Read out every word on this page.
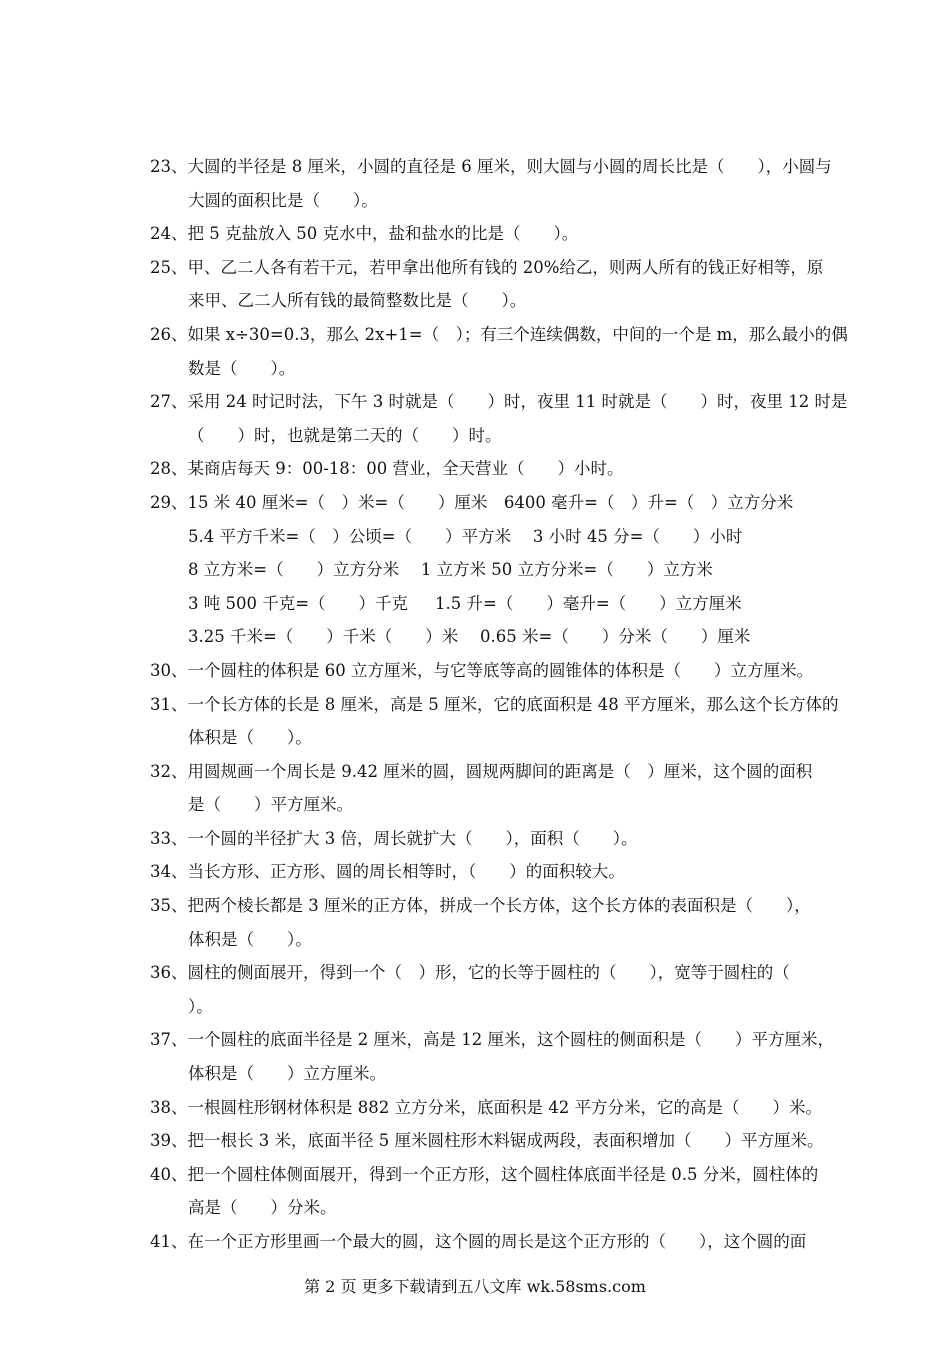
23、大圆的半径是 8 厘米，小圆的直径是 6 厘米，则大圆与小圆的周长比是（　　），小圆与
大圆的面积比是（　　）。
24、把 5 克盐放入 50 克水中，盐和盐水的比是（　　）。
25、甲、乙二人各有若干元，若甲拿出他所有钱的 20%给乙，则两人所有的钱正好相等，原
来甲、乙二人所有钱的最简整数比是（　　）。
26、如果 x÷30=0.3，那么 2x+1=（　）；有三个连续偶数，中间的一个是 m，那么最小的偶
数是（　　）。
27、采用 24 时记时法，下午 3 时就是（　　）时，夜里 11 时就是（　　）时，夜里 12 时是
（　　）时，也就是第二天的（　　）时。
28、某商店每天 9：00-18：00 营业，全天营业（　　）小时。
29、15 米 40 厘米=（　）米=（　　）厘米　6400 毫升=（　）升=（　）立方分米
5.4 平方千米=（　）公顷=（　　）平方米　 3 小时 45 分=（　　）小时
8 立方米=（　　）立方分米　 1 立方米 50 立方分米=（　　）立方米
3 吨 500 千克=（　　）千克　  1.5 升=（　　）毫升=（　　）立方厘米
3.25 千米=（　　）千米（　　）米　 0.65 米=（　　）分米（　　）厘米
30、一个圆柱的体积是 60 立方厘米，与它等底等高的圆锥体的体积是（　　）立方厘米。
31、一个长方体的长是 8 厘米，高是 5 厘米，它的底面积是 48 平方厘米，那么这个长方体的
体积是（　　）。
32、用圆规画一个周长是 9.42 厘米的圆，圆规两脚间的距离是（　）厘米，这个圆的面积
是（　　）平方厘米。
33、一个圆的半径扩大 3 倍，周长就扩大（　　），面积（　　）。
34、当长方形、正方形、圆的周长相等时，（　　）的面积较大。
35、把两个棱长都是 3 厘米的正方体，拼成一个长方体，这个长方体的表面积是（　　），
体积是（　　）。
36、圆柱的侧面展开，得到一个（　）形，它的长等于圆柱的（　　），宽等于圆柱的（
）。
37、一个圆柱的底面半径是 2 厘米，高是 12 厘米，这个圆柱的侧面积是（　　）平方厘米，
体积是（　　）立方厘米。
38、一根圆柱形钢材体积是 882 立方分米，底面积是 42 平方分米，它的高是（　　）米。
39、把一根长 3 米，底面半径 5 厘米圆柱形木料锯成两段，表面积增加（　　）平方厘米。
40、把一个圆柱体侧面展开，得到一个正方形，这个圆柱体底面半径是 0.5 分米，圆柱体的
高是（　　）分米。
41、在一个正方形里画一个最大的圆，这个圆的周长是这个正方形的（　　），这个圆的面
第 2 页 更多下载请到五八文库 wk.58sms.com
